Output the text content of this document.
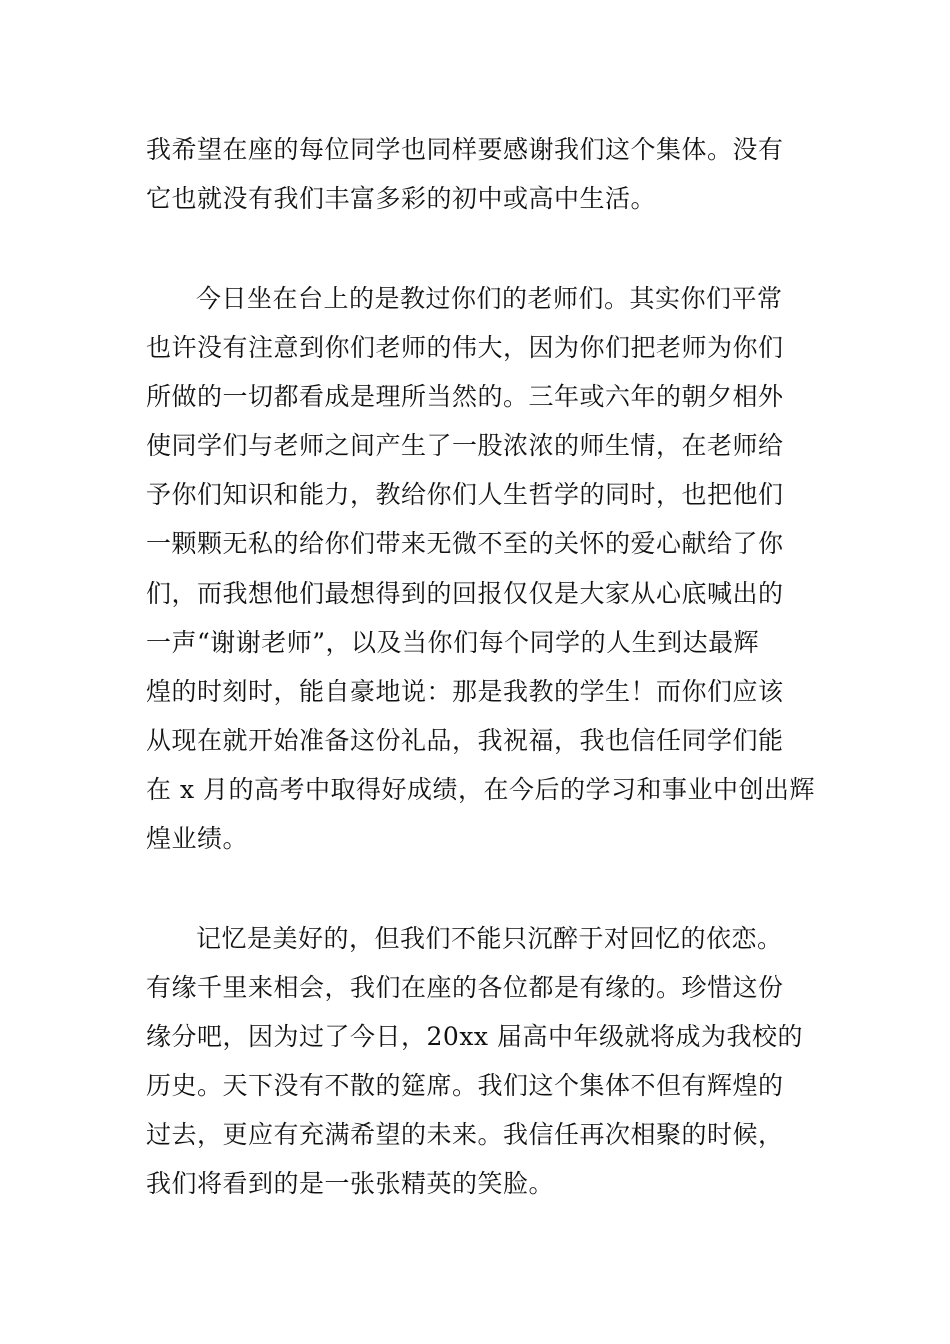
我希望在座的每位同学也同样要感谢我们这个集体。没有
它也就没有我们丰富多彩的初中或高中生活。
今日坐在台上的是教过你们的老师们。其实你们平常
也许没有注意到你们老师的伟大，因为你们把老师为你们
所做的一切都看成是理所当然的。三年或六年的朝夕相外
使同学们与老师之间产生了一股浓浓的师生情，在老师给
予你们知识和能力，教给你们人生哲学的同时，也把他们
一颗颗无私的给你们带来无微不至的关怀的爱心献给了你
们，而我想他们最想得到的回报仅仅是大家从心底喊出的
一声“谢谢老师”，以及当你们每个同学的人生到达最辉
煌的时刻时，能自豪地说：那是我教的学生！而你们应该
从现在就开始准备这份礼品，我祝福，我也信任同学们能
在 x 月的高考中取得好成绩，在今后的学习和事业中创出辉
煌业绩。
记忆是美好的，但我们不能只沉醉于对回忆的依恋。
有缘千里来相会，我们在座的各位都是有缘的。珍惜这份
缘分吧，因为过了今日，20xx 届高中年级就将成为我校的
历史。天下没有不散的筵席。我们这个集体不但有辉煌的
过去，更应有充满希望的未来。我信任再次相聚的时候，
我们将看到的是一张张精英的笑脸。
